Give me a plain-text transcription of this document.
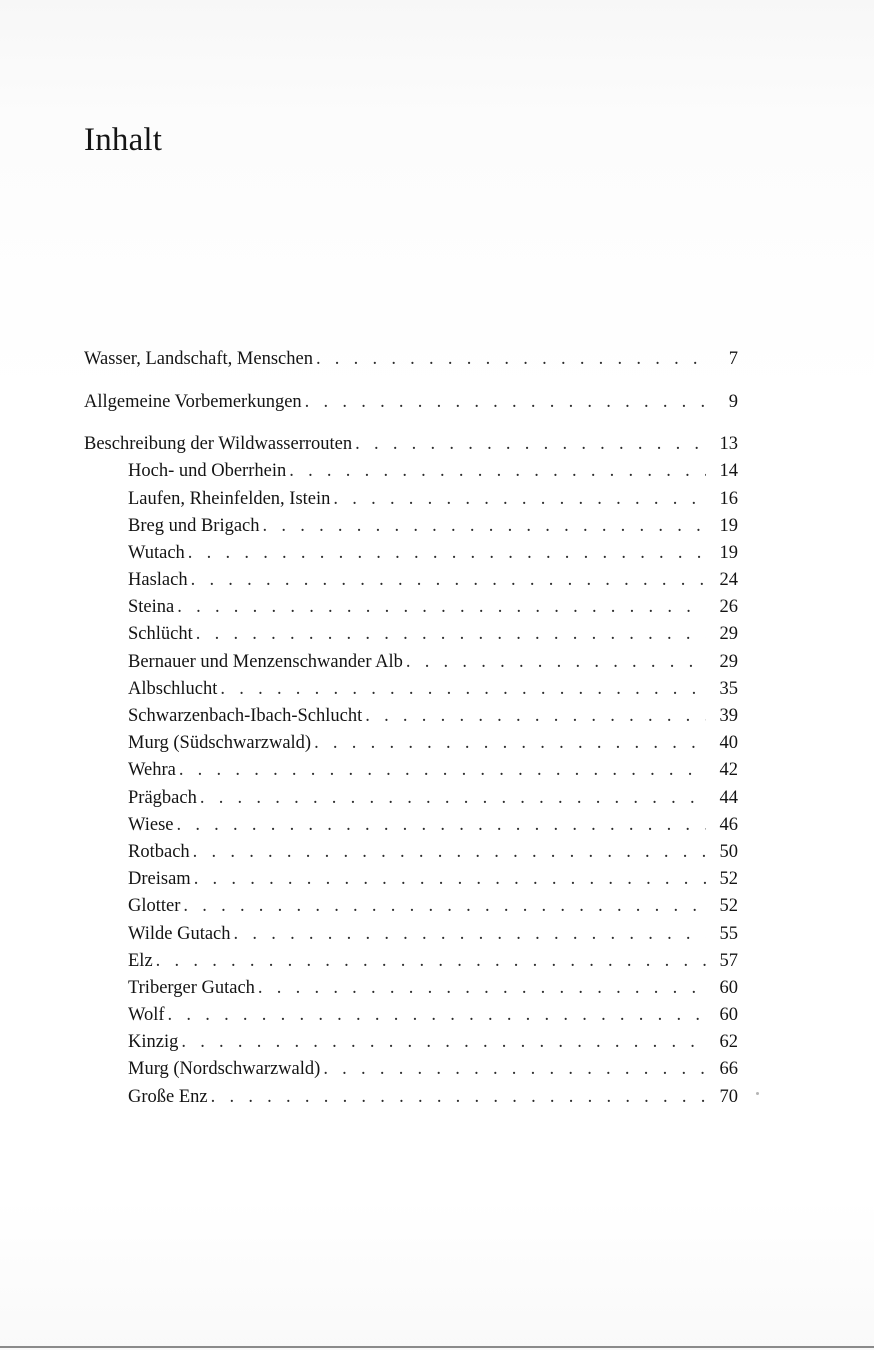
Inhalt
Wasser, Landschaft, Menschen . . .	7
Allgemeine Vorbemerkungen . . .	9
Beschreibung der Wildwasserrouten . . .	13
Hoch- und Oberrhein . . .	14
Laufen, Rheinfelden, Istein . . .	16
Breg und Brigach . . .	19
Wutach . . .	19
Haslach . . .	24
Steina . . .	26
Schlücht . . .	29
Bernauer und Menzenschwander Alb . . .	29
Albschlucht . . .	35
Schwarzenbach-Ibach-Schlucht . . .	39
Murg (Südschwarzwald) . . .	40
Wehra . . .	42
Prägbach . . .	44
Wiese . . .	46
Rotbach . . .	50
Dreisam . . .	52
Glotter . . .	52
Wilde Gutach . . .	55
Elz . . .	57
Triberger Gutach . . .	60
Wolf . . .	60
Kinzig . . .	62
Murg (Nordschwarzwald) . . .	66
Große Enz . . .	70
